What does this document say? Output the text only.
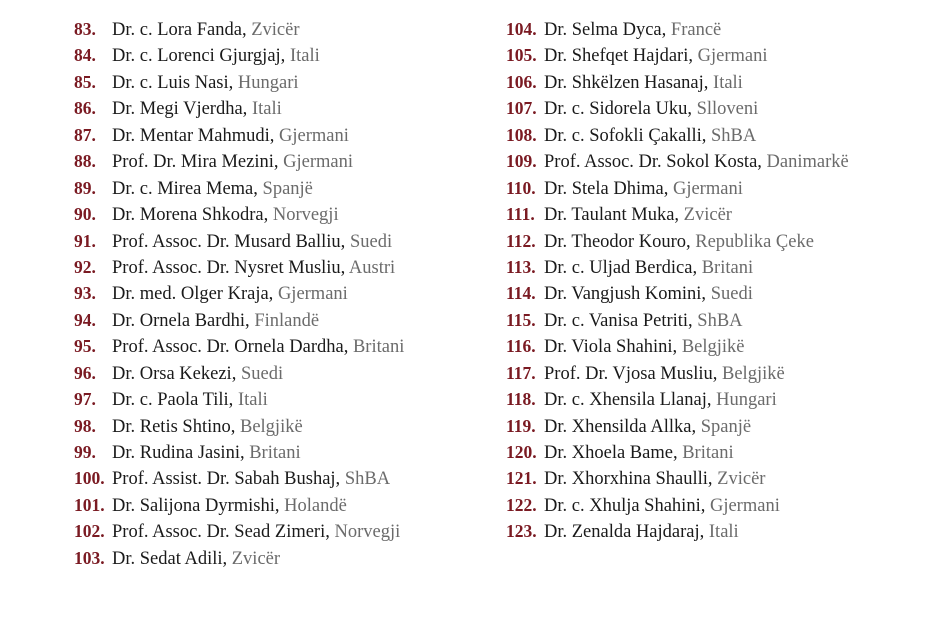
83. Dr. c. Lora Fanda, Zvicër
84. Dr. c. Lorenci Gjurgjaj, Itali
85. Dr. c. Luis Nasi, Hungari
86. Dr. Megi Vjerdha, Itali
87. Dr. Mentar Mahmudi, Gjermani
88. Prof. Dr. Mira Mezini, Gjermani
89. Dr. c. Mirea Mema, Spanjë
90. Dr. Morena Shkodra, Norvegji
91. Prof. Assoc. Dr. Musard Balliu, Suedi
92. Prof. Assoc. Dr. Nysret Musliu, Austri
93. Dr. med. Olger Kraja, Gjermani
94. Dr. Ornela Bardhi, Finlandë
95. Prof. Assoc. Dr. Ornela Dardha, Britani
96. Dr. Orsa Kekezi, Suedi
97. Dr. c. Paola Tili, Itali
98. Dr. Retis Shtino, Belgjikë
99. Dr. Rudina Jasini, Britani
100. Prof. Assist. Dr. Sabah Bushaj, ShBA
101. Dr. Salijona Dyrmishi, Holandë
102. Prof. Assoc. Dr. Sead Zimeri, Norvegji
103. Dr. Sedat Adili, Zvicër
104. Dr. Selma Dyca, Francë
105. Dr. Shefqet Hajdari, Gjermani
106. Dr. Shkëlzen Hasanaj, Itali
107. Dr. c. Sidorela Uku, Slloveni
108. Dr. c. Sofokli Çakalli, ShBA
109. Prof. Assoc. Dr. Sokol Kosta, Danimarkë
110. Dr. Stela Dhima, Gjermani
111. Dr. Taulant Muka, Zvicër
112. Dr. Theodor Kouro, Republika Çeke
113. Dr. c. Uljad Berdica, Britani
114. Dr. Vangjush Komini, Suedi
115. Dr. c. Vanisa Petriti, ShBA
116. Dr. Viola Shahini, Belgjikë
117. Prof. Dr. Vjosa Musliu, Belgjikë
118. Dr. c. Xhensila Llanaj, Hungari
119. Dr. Xhensilda Allka, Spanjë
120. Dr. Xhoela Bame, Britani
121. Dr. Xhorxhina Shaulli, Zvicër
122. Dr. c. Xhulja Shahini, Gjermani
123. Dr. Zenalda Hajdaraj, Itali
